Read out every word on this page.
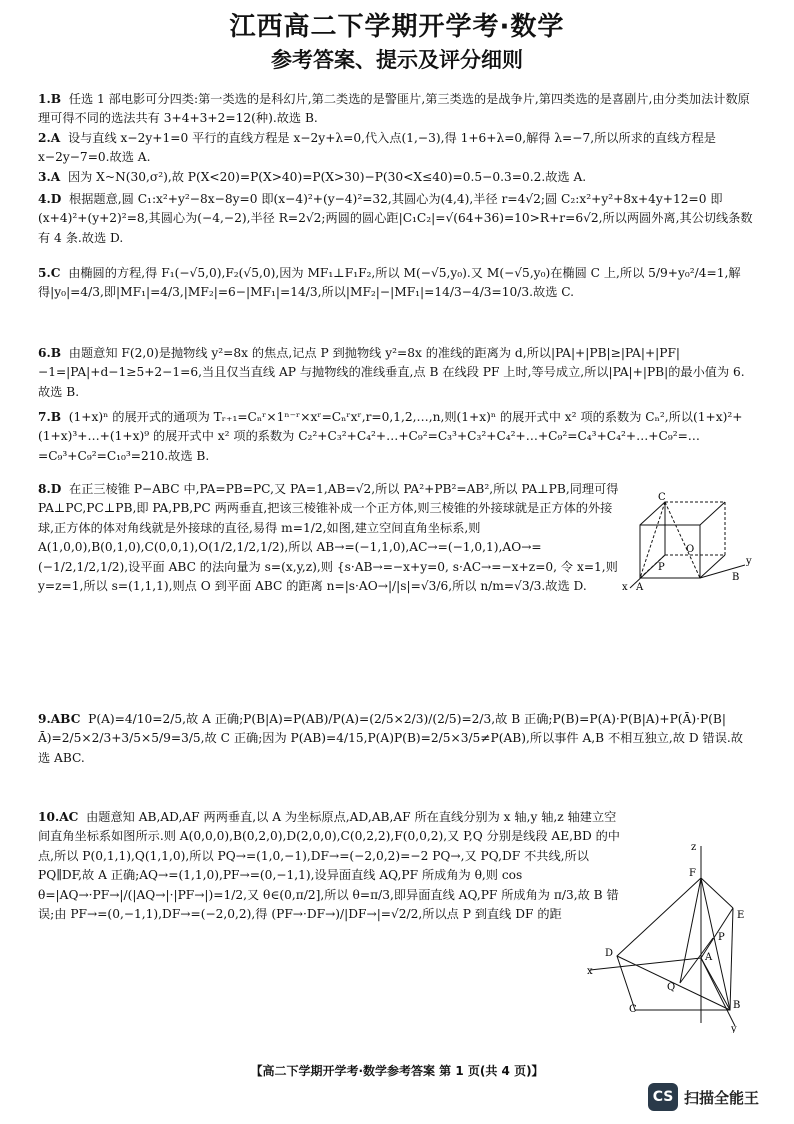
江西高二下学期开学考·数学
参考答案、提示及评分细则
1.B 任选 1 部电影可分四类:第一类选的是科幻片,第二类选的是警匪片,第三类选的是战争片,第四类选的是喜剧片,由分类加法计数原理可得不同的选法共有 3+4+3+2=12(种).故选 B.
2.A 设与直线 x−2y+1=0 平行的直线方程是 x−2y+λ=0,代入点(1,−3),得 1+6+λ=0,解得 λ=−7,所以所求的直线方程是 x−2y−7=0.故选 A.
3.A 因为 X~N(30,σ²),故 P(X<20)=P(X>40)=P(X>30)−P(30<X≤40)=0.5−0.3=0.2.故选 A.
4.D 根据题意,圆 C₁:x²+y²−8x−8y=0 即(x−4)²+(y−4)²=32,其圆心为(4,4),半径 r=4√2;圆 C₂:x²+y²+8x+4y+12=0 即(x+4)²+(y+2)²=8,其圆心为(−4,−2),半径 R=2√2;两圆的圆心距|C₁C₂|=√(64+36)=10>R+r=6√2,所以两圆外离,其公切线条数有 4 条.故选 D.
5.C 由椭圆的方程,得 F₁(−√5,0),F₂(√5,0),因为 MF₁⊥F₁F₂,所以 M(−√5,y₀).又 M(−√5,y₀)在椭圆 C 上,所以 5/9+y₀²/4=1,解得|y₀|=4/3,即|MF₁|=4/3,|MF₂|=6−|MF₁|=14/3,所以|MF₂|−|MF₁|=14/3−4/3=10/3.故选 C.
6.B 由题意知 F(2,0)是抛物线 y²=8x 的焦点,记点 P 到抛物线 y²=8x 的准线的距离为 d,所以|PA|+|PB|≥|PA|+|PF|−1=|PA|+d−1≥5+2−1=6,当且仅当直线 AP 与抛物线的准线垂直,点 B 在线段 PF 上时,等号成立,所以|PA|+|PB|的最小值为 6.故选 B.
7.B (1+x)ⁿ 的展开式的通项为 Tᵣ₊₁=Cₙʳ×1ⁿ⁻ʳ×xʳ=Cₙʳxʳ,r=0,1,2,…,n,则(1+x)ⁿ 的展开式中 x² 项的系数为 Cₙ²,所以(1+x)²+(1+x)³+…+(1+x)⁹ 的展开式中 x² 项的系数为 C₂²+C₃²+C₄²+…+C₉²=C₃³+C₃²+C₄²+…+C₉²=C₄³+C₄²+…+C₉²=…=C₉³+C₉²=C₁₀³=210.故选 B.
8.D 在正三棱锥 P−ABC 中,PA=PB=PC,又 PA=1,AB=√2,所以 PA²+PB²=AB²,所以 PA⊥PB,同理可得 PA⊥PC,PC⊥PB,即 PA,PB,PC 两两垂直,把该三棱锥补成一个正方体,则三棱锥的外接球就是正方体的外接球,正方体的体对角线就是外接球的直径,易得 m=1/2,如图,建立空间直角坐标系,则 A(1,0,0),B(0,1,0),C(0,0,1),O(1/2,1/2,1/2),所以 AB→=(−1,1,0),AC→=(−1,0,1),AO→=(−1/2,1/2,1/2),设平面 ABC 的法向量为 s=(x,y,z),则 {s·AB→=−x+y=0, s·AC→=−x+z=0, 令 x=1,则 y=z=1,所以 s=(1,1,1),则点 O 到平面 ABC 的距离 n=|s·AO→|/|s|=√3/6,所以 n/m=√3/3.故选 D.
9.ABC P(A)=4/10=2/5,故 A 正确;P(B|A)=P(AB)/P(A)=(2/5×2/3)/(2/5)=2/3,故 B 正确;P(B)=P(A)·P(B|A)+P(Ā)·P(B|Ā)=2/5×2/3+3/5×5/9=3/5,故 C 正确;因为 P(AB)=4/15,P(A)P(B)=2/5×3/5≠P(AB),所以事件 A,B 不相互独立,故 D 错误.故选 ABC.
10.AC 由题意知 AB,AD,AF 两两垂直,以 A 为坐标原点,AD,AB,AF 所在直线分别为 x 轴,y 轴,z 轴建立空间直角坐标系如图所示.则 A(0,0,0),B(0,2,0),D(2,0,0),C(0,2,2),F(0,0,2),又 P,Q 分别是线段 AE,BD 的中点,所以 P(0,1,1),Q(1,1,0),所以 PQ→=(1,0,−1),DF→=(−2,0,2)=−2 PQ→,又 PQ,DF 不共线,所以 PQ∥DF,故 A 正确;AQ→=(1,1,0),PF→=(0,−1,1),设异面直线 AQ,PF 所成角为 θ,则 cos θ=|AQ→·PF→|/(|AQ→|·|PF→|)=1/2,又 θ∈(0,π/2],所以 θ=π/3,即异面直线 AQ,PF 所成角为 π/3,故 B 错误;由 PF→=(0,−1,1),DF→=(−2,0,2),得 (PF→·DF→)/|DF→|=√2/2,所以点 P 到直线 DF 的距
C
P
O
A
B
x
y
z
F
E
P
D	A
Q
C	B
x
y
【高二下学期开学考·数学参考答案 第 1 页(共 4 页)】
CS 扫描全能王
